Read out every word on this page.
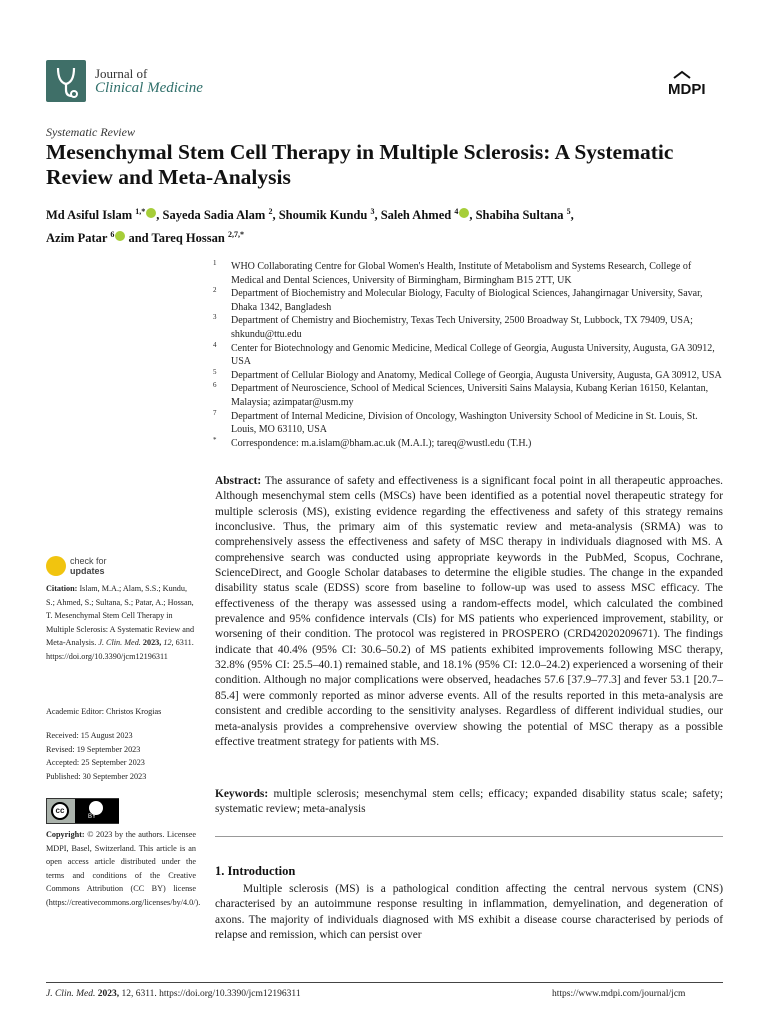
Journal of
Clinical Medicine	MDPI
Systematic Review
Mesenchymal Stem Cell Therapy in Multiple Sclerosis: A Systematic Review and Meta-Analysis
Md Asiful Islam $^{1,*}$ , Sayeda Sadia Alam $^2$, Shoumik Kundu $^3$, Saleh Ahmed $^4$ , Shabiha Sultana $^5$,
Azim Patar $^6$ and Tareq Hossan $^{2,7,*}$
1 WHO Collaborating Centre for Global Women's Health, Institute of Metabolism and Systems Research, College of Medical and Dental Sciences, University of Birmingham, Birmingham B15 2TT, UK
2 Department of Biochemistry and Molecular Biology, Faculty of Biological Sciences, Jahangirnagar University, Savar, Dhaka 1342, Bangladesh
3 Department of Chemistry and Biochemistry, Texas Tech University, 2500 Broadway St, Lubbock, TX 79409, USA; shkundu@ttu.edu
4 Center for Biotechnology and Genomic Medicine, Medical College of Georgia, Augusta University, Augusta, GA 30912, USA
5 Department of Cellular Biology and Anatomy, Medical College of Georgia, Augusta University, Augusta, GA 30912, USA
6 Department of Neuroscience, School of Medical Sciences, Universiti Sains Malaysia, Kubang Kerian 16150, Kelantan, Malaysia; azimpatar@usm.my
7 Department of Internal Medicine, Division of Oncology, Washington University School of Medicine in St. Louis, St. Louis, MO 63110, USA
* Correspondence: m.a.islam@bham.ac.uk (M.A.I.); tareq@wustl.edu (T.H.)
Abstract: The assurance of safety and effectiveness is a significant focal point in all therapeutic approaches. Although mesenchymal stem cells (MSCs) have been identified as a potential novel therapeutic strategy for multiple sclerosis (MS), existing evidence regarding the effectiveness and safety of this strategy remains inconclusive. Thus, the primary aim of this systematic review and meta-analysis (SRMA) was to comprehensively assess the effectiveness and safety of MSC therapy in individuals diagnosed with MS. A comprehensive search was conducted using appropriate keywords in the PubMed, Scopus, Cochrane, ScienceDirect, and Google Scholar databases to determine the eligible studies. The change in the expanded disability status scale (EDSS) score from baseline to follow-up was used to assess MSC efficacy. The effectiveness of the therapy was assessed using a random-effects model, which calculated the combined prevalence and 95% confidence intervals (CIs) for MS patients who experienced improvement, stability, or worsening of their condition. The protocol was registered in PROSPERO (CRD42020209671). The findings indicate that 40.4% (95% CI: 30.6–50.2) of MS patients exhibited improvements following MSC therapy, 32.8% (95% CI: 25.5–40.1) remained stable, and 18.1% (95% CI: 12.0–24.2) experienced a worsening of their condition. Although no major complications were observed, headaches 57.6 [37.9–77.3] and fever 53.1 [20.7–85.4] were commonly reported as minor adverse events. All of the results reported in this meta-analysis are consistent and credible according to the sensitivity analyses. Regardless of different individual studies, our meta-analysis provides a comprehensive overview showing the potential of MSC therapy as a possible effective treatment strategy for patients with MS.
Keywords: multiple sclerosis; mesenchymal stem cells; efficacy; expanded disability status scale; safety; systematic review; meta-analysis
check for
updates
Citation: Islam, M.A.; Alam, S.S.; Kundu, S.; Ahmed, S.; Sultana, S.; Patar, A.; Hossan, T. Mesenchymal Stem Cell Therapy in Multiple Sclerosis: A Systematic Review and Meta-Analysis. J. Clin. Med. 2023, 12, 6311. https://doi.org/10.3390/jcm12196311
Academic Editor: Christos Krogias
Received: 15 August 2023
Revised: 19 September 2023
Accepted: 25 September 2023
Published: 30 September 2023
cc
BY
Copyright: © 2023 by the authors. Licensee MDPI, Basel, Switzerland. This article is an open access article distributed under the terms and conditions of the Creative Commons Attribution (CC BY) license (https://creativecommons.org/licenses/by/4.0/).
1. Introduction
Multiple sclerosis (MS) is a pathological condition affecting the central nervous system (CNS) characterised by an autoimmune response resulting in inflammation, demyelination, and degeneration of axons. The majority of individuals diagnosed with MS exhibit a disease course characterised by periods of relapse and remission, which can persist over
J. Clin. Med. 2023, 12, 6311. https://doi.org/10.3390/jcm12196311	https://www.mdpi.com/journal/jcm
